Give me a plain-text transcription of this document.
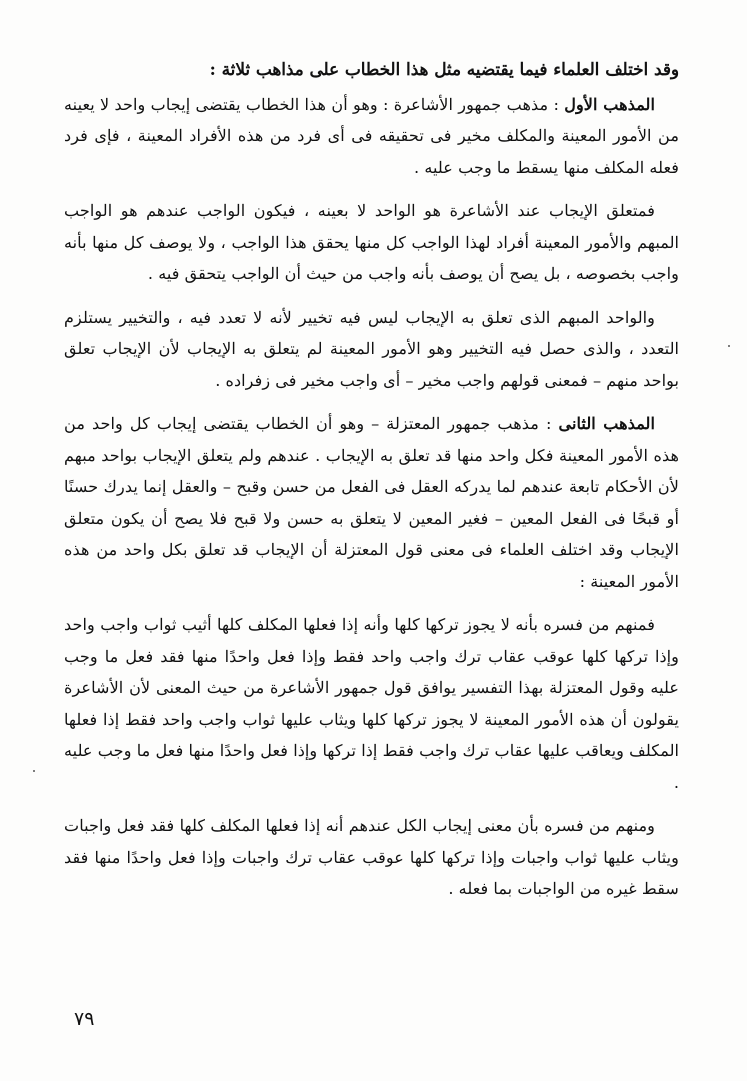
وقد اختلف العلماء فيما يقتضيه مثل هذا الخطاب على مذاهب ثلاثة :

المذهب الأول : مذهب جمهور الأشاعرة : وهو أن هذا الخطاب يقتضى إيجاب واحد لا يعينه من الأمور المعينة والمكلف مخير فى تحقيقه فى أى فرد من هذه الأفراد المعينة ، فإى فرد فعله المكلف منها يسقط ما وجب عليه .

فمتعلق الإيجاب عند الأشاعرة هو الواحد لا بعينه ، فيكون الواجب عندهم هو الواجب المبهم والأمور المعينة أفراد لهذا الواجب كل منها يحقق هذا الواجب ، ولا يوصف كل منها بأنه واجب بخصوصه ، بل يصح أن يوصف بأنه واجب من حيث أن الواجب يتحقق فيه .

والواحد المبهم الذى تعلق به الإيجاب ليس فيه تخيير لأنه لا تعدد فيه ، والتخيير يستلزم التعدد ، والذى حصل فيه التخيير وهو الأمور المعينة لم يتعلق به الإيجاب لأن الإيجاب تعلق بواحد منهم – فمعنى قولهم واجب مخير – أى واجب مخير فى زفراده .

المذهب الثانى : مذهب جمهور المعتزلة – وهو أن الخطاب يقتضى إيجاب كل واحد من هذه الأمور المعينة فكل واحد منها قد تعلق به الإيجاب . عندهم ولم يتعلق الإيجاب بواحد مبهم لأن الأحكام تابعة عندهم لما يدركه العقل فى الفعل من حسن وقبح – والعقل إنما يدرك حسنًا أو قبحًا فى الفعل المعين – فغير المعين لا يتعلق به حسن ولا قبح فلا يصح أن يكون متعلق الإيجاب وقد اختلف العلماء فى معنى قول المعتزلة أن الإيجاب قد تعلق بكل واحد من هذه الأمور المعينة :

فمنهم من فسره بأنه لا يجوز تركها كلها وأنه إذا فعلها المكلف كلها أثيب ثواب واجب واحد وإذا تركها كلها عوقب عقاب ترك واجب واحد فقط وإذا فعل واحدًا منها فقد فعل ما وجب عليه وقول المعتزلة بهذا التفسير يوافق قول جمهور الأشاعرة من حيث المعنى لأن الأشاعرة يقولون أن هذه الأمور المعينة لا يجوز تركها كلها ويثاب عليها ثواب واجب واحد فقط إذا فعلها المكلف ويعاقب عليها عقاب ترك واجب فقط إذا تركها وإذا فعل واحدًا منها فعل ما وجب عليه .

ومنهم من فسره بأن معنى إيجاب الكل عندهم أنه إذا فعلها المكلف كلها فقد فعل واجبات ويثاب عليها ثواب واجبات وإذا تركها كلها عوقب عقاب ترك واجبات وإذا فعل واحدًا منها فقد سقط غيره من الواجبات بما فعله .

٧٩
